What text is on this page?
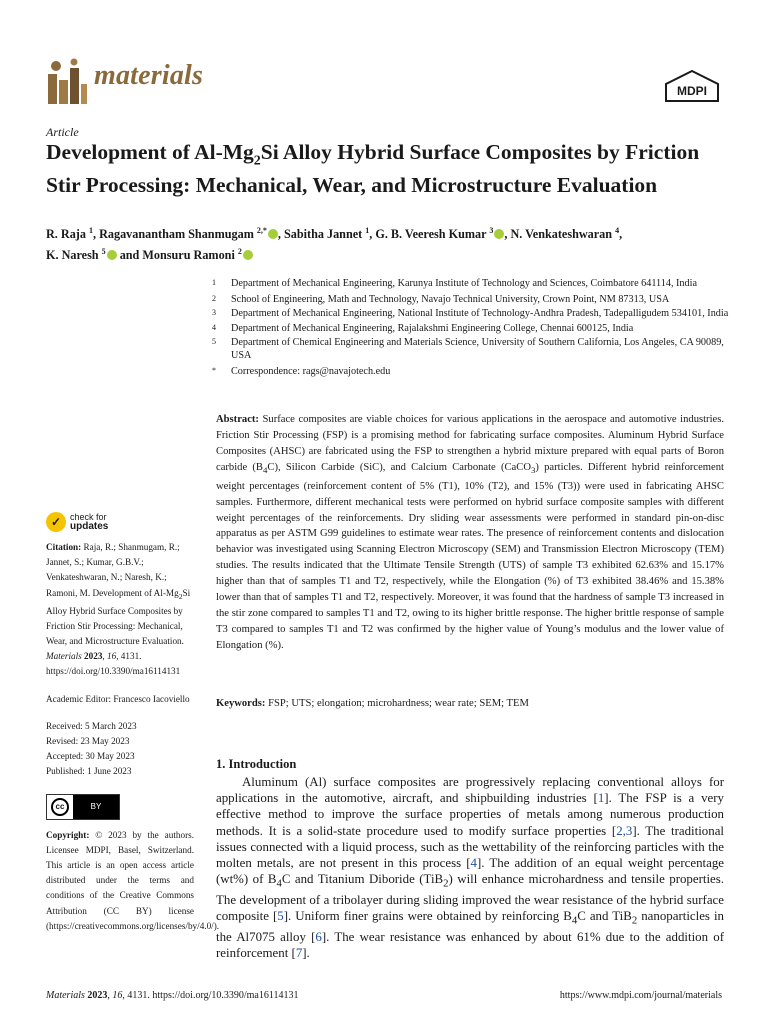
materials	MDPI
Article
Development of $Al-Mg_2Si$ Alloy Hybrid Surface Composites by Friction Stir Processing: Mechanical, Wear, and Microstructure Evaluation
R. Raja $^1$, Ragavanantham Shanmugam $^{2,*}$ , Sabitha Jannet $^1$, G. B. Veeresh Kumar $^3$ , N. Venkateshwaran $^4$,
K. Naresh $^5$ and Monsuru Ramoni $^2$
1	Department of Mechanical Engineering, Karunya Institute of Technology and Sciences, Coimbatore 641114, India
2	School of Engineering, Math and Technology, Navajo Technical University, Crown Point, NM 87313, USA
3	Department of Mechanical Engineering, National Institute of Technology-Andhra Pradesh, Tadepalligudem 534101, India
4	Department of Mechanical Engineering, Rajalakshmi Engineering College, Chennai 600125, India
5	Department of Chemical Engineering and Materials Science, University of Southern California, Los Angeles, CA 90089, USA
*	Correspondence: rags@navajotech.edu
Abstract: Surface composites are viable choices for various applications in the aerospace and automotive industries. Friction Stir Processing (FSP) is a promising method for fabricating surface composites. Aluminum Hybrid Surface Composites (AHSC) are fabricated using the FSP to strengthen a hybrid mixture prepared with equal parts of Boron carbide $(B_4C)$, Silicon Carbide (SiC), and Calcium Carbonate (CaCO$_3$) particles. Different hybrid reinforcement weight percentages (reinforcement content of 5% (T1), 10% (T2), and 15% (T3)) were used in fabricating AHSC samples. Furthermore, different mechanical tests were performed on hybrid surface composite samples with different weight percentages of the reinforcements. Dry sliding wear assessments were performed in standard pin-on-disc apparatus as per ASTM G99 guidelines to estimate wear rates. The presence of reinforcement contents and dislocation behavior was investigated using Scanning Electron Microscopy (SEM) and Transmission Electron Microscopy (TEM) studies. The results indicated that the Ultimate Tensile Strength (UTS) of sample T3 exhibited 62.63% and 15.17% higher than that of samples T1 and T2, respectively, while the Elongation (%) of T3 exhibited 38.46% and 15.38% lower than that of samples T1 and T2, respectively. Moreover, it was found that the hardness of sample T3 increased in the stir zone compared to samples T1 and T2, owing to its higher brittle response. The higher brittle response of sample T3 compared to samples T1 and T2 was confirmed by the higher value of Young’s modulus and the lower value of Elongation (%).
Keywords: FSP; UTS; elongation; microhardness; wear rate; SEM; TEM
✓ check for
updates
Citation: Raja, R.; Shanmugam, R.; Jannet, S.; Kumar, G.B.V.; Venkateshwaran, N.; Naresh, K.; Ramoni, M. Development of $Al-Mg_2Si$ Alloy Hybrid Surface Composites by Friction Stir Processing: Mechanical, Wear, and Microstructure Evaluation. Materials 2023, 16, 4131. https://doi.org/10.3390/ma16114131
Academic Editor: Francesco Iacoviello
Received: 5 March 2023
Revised: 23 May 2023
Accepted: 30 May 2023
Published: 1 June 2023
cc	BY
Copyright: © 2023 by the authors. Licensee MDPI, Basel, Switzerland. This article is an open access article distributed under the terms and conditions of the Creative Commons Attribution (CC BY) license (https://creativecommons.org/licenses/by/4.0/).
1. Introduction
Aluminum (Al) surface composites are progressively replacing conventional alloys for applications in the automotive, aircraft, and shipbuilding industries [1]. The FSP is a very effective method to improve the surface properties of metals among numerous production methods. It is a solid-state procedure used to modify surface properties [2,3]. The traditional issues connected with a liquid process, such as the wettability of the reinforcing particles with the molten metals, are not present in this process [4]. The addition of an equal weight percentage (wt%) of $B_4C$ and Titanium Diboride (TiB$_2$) will enhance microhardness and tensile properties. The development of a tribolayer during sliding improved the wear resistance of the hybrid surface composite [5]. Uniform finer grains were obtained by reinforcing $B_4C$ and TiB$_2$ nanoparticles in the Al7075 alloy [6]. The wear resistance was enhanced by about 61% due to the addition of reinforcement [7].
Materials 2023, 16, 4131. https://doi.org/10.3390/ma16114131	https://www.mdpi.com/journal/materials
